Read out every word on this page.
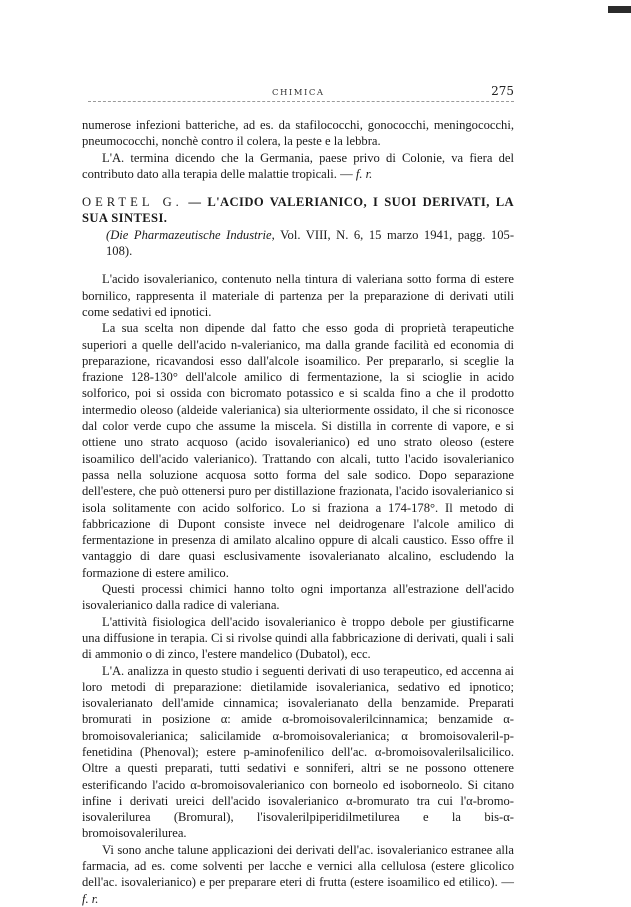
CHIMICA	275

numerose infezioni batteriche, ad es. da stafilococchi, gonococchi, meningococchi, pneumococchi, nonchè contro il colera, la peste e la lebbra.

L'A. termina dicendo che la Germania, paese privo di Colonie, va fiera del contributo dato alla terapia delle malattie tropicali. — f. r.

OERTEL G. — L'ACIDO VALERIANICO, I SUOI DERIVATI, LA SUA SINTESI.

(Die Pharmazeutische Industrie, Vol. VIII, N. 6, 15 marzo 1941, pagg. 105-108).

L'acido isovalerianico, contenuto nella tintura di valeriana sotto forma di estere bornilico, rappresenta il materiale di partenza per la preparazione di derivati utili come sedativi ed ipnotici.

La sua scelta non dipende dal fatto che esso goda di proprietà terapeutiche superiori a quelle dell'acido n-valerianico, ma dalla grande facilità ed economia di preparazione, ricavandosi esso dall'alcole isoamilico. Per prepararlo, si sceglie la frazione 128-130° dell'alcole amilico di fermentazione, la si scioglie in acido solforico, poi si ossida con bicromato potassico e si scalda fino a che il prodotto intermedio oleoso (aldeide valerianica) sia ulteriormente ossidato, il che si riconosce dal color verde cupo che assume la miscela. Si distilla in corrente di vapore, e si ottiene uno strato acquoso (acido isovalerianico) ed uno strato oleoso (estere isoamilico dell'acido valerianico). Trattando con alcali, tutto l'acido isovalerianico passa nella soluzione acquosa sotto forma del sale sodico. Dopo separazione dell'estere, che può ottenersi puro per distillazione frazionata, l'acido isovalerianico si isola solitamente con acido solforico. Lo si fraziona a 174-178°. Il metodo di fabbricazione di Dupont consiste invece nel deidrogenare l'alcole amilico di fermentazione in presenza di amilato alcalino oppure di alcali caustico. Esso offre il vantaggio di dare quasi esclusivamente isovalerianato alcalino, escludendo la formazione di estere amilico.

Questi processi chimici hanno tolto ogni importanza all'estrazione dell'acido isovalerianico dalla radice di valeriana.

L'attività fisiologica dell'acido isovalerianico è troppo debole per giustificarne una diffusione in terapia. Ci si rivolse quindi alla fabbricazione di derivati, quali i sali di ammonio o di zinco, l'estere mandelico (Dubatol), ecc.

L'A. analizza in questo studio i seguenti derivati di uso terapeutico, ed accenna ai loro metodi di preparazione: dietilamide isovalerianica, sedativo ed ipnotico; isovalerianato dell'amide cinnamica; isovalerianato della benzamide. Preparati bromurati in posizione α: amide α-bromoisovalerilcinnamica; benzamide α-bromoisovalerianica; salicilamide α-bromoisovalerianica; α bromoisovaleril-p-fenetidina (Phenoval); estere p-aminofenilico dell'ac. α-bromoisovalerilsalicilico. Oltre a questi preparati, tutti sedativi e sonniferi, altri se ne possono ottenere esterificando l'acido α-bromoisovalerianico con borneolo ed isoborneolo. Si citano infine i derivati ureici dell'acido isovalerianico α-bromurato tra cui l'α-bromo-isovalerilurea (Bromural), l'isovalerilpiperidilmetilurea e la bis-α-bromoisovalerilurea.

Vi sono anche talune applicazioni dei derivati dell'ac. isovalerianico estranee alla farmacia, ad es. come solventi per lacche e vernici alla cellulosa (estere glicolico dell'ac. isovalerianico) e per preparare eteri di frutta (estere isoamilico ed etilico). — f. r.
